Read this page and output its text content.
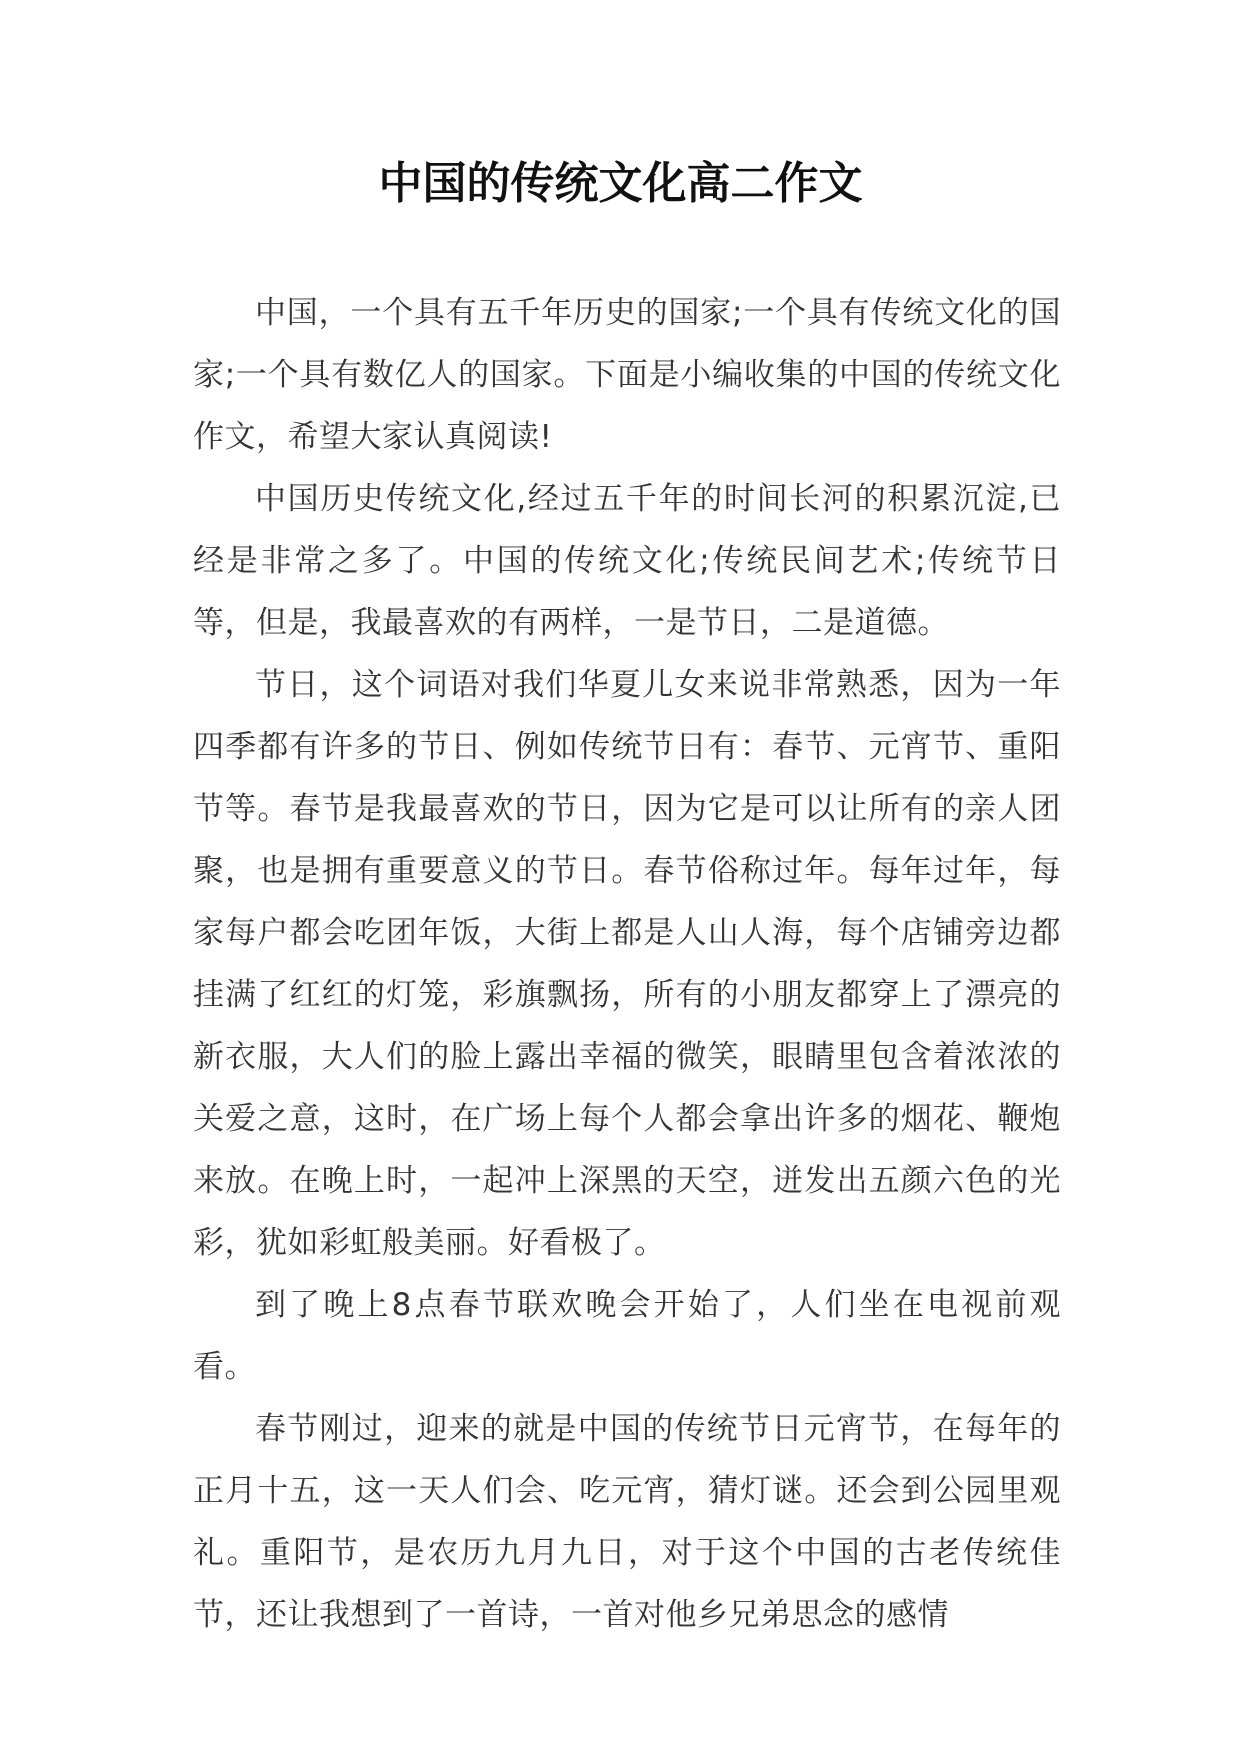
中国的传统文化高二作文

中国，一个具有五千年历史的国家;一个具有传统文化的国家;一个具有数亿人的国家。下面是小编收集的中国的传统文化作文，希望大家认真阅读!

中国历史传统文化,经过五千年的时间长河的积累沉淀,已经是非常之多了。中国的传统文化;传统民间艺术;传统节日等，但是，我最喜欢的有两样，一是节日，二是道德。

节日，这个词语对我们华夏儿女来说非常熟悉，因为一年四季都有许多的节日、例如传统节日有：春节、元宵节、重阳节等。春节是我最喜欢的节日，因为它是可以让所有的亲人团聚，也是拥有重要意义的节日。春节俗称过年。每年过年，每家每户都会吃团年饭，大街上都是人山人海，每个店铺旁边都挂满了红红的灯笼，彩旗飘扬，所有的小朋友都穿上了漂亮的新衣服，大人们的脸上露出幸福的微笑，眼睛里包含着浓浓的关爱之意，这时，在广场上每个人都会拿出许多的烟花、鞭炮来放。在晚上时，一起冲上深黑的天空，迸发出五颜六色的光彩，犹如彩虹般美丽。好看极了。

到了晚上8点春节联欢晚会开始了，人们坐在电视前观看。

春节刚过，迎来的就是中国的传统节日元宵节，在每年的正月十五，这一天人们会、吃元宵，猜灯谜。还会到公园里观礼。重阳节，是农历九月九日，对于这个中国的古老传统佳节，还让我想到了一首诗，一首对他乡兄弟思念的感情
